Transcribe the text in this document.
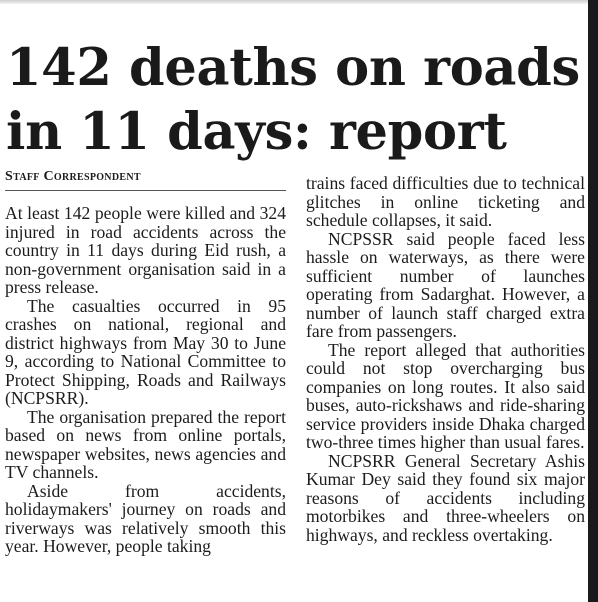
142 deaths on roads in 11 days: report
Staff Correspondent

At least 142 people were killed and 324 injured in road accidents across the country in 11 days during Eid rush, a non-government organisation said in a press release.

The casualties occurred in 95 crashes on national, regional and district highways from May 30 to June 9, according to National Committee to Protect Shipping, Roads and Railways (NCPSRR).

The organisation prepared the report based on news from online portals, newspaper websites, news agencies and TV channels.

Aside from accidents, holidaymakers' journey on roads and riverways was relatively smooth this year. However, people taking

trains faced difficulties due to technical glitches in online ticketing and schedule collapses, it said.

NCPSSR said people faced less hassle on waterways, as there were sufficient number of launches operating from Sadarghat. However, a number of launch staff charged extra fare from passengers.

The report alleged that authorities could not stop overcharging bus companies on long routes. It also said buses, auto-rickshaws and ride-sharing service providers inside Dhaka charged two-three times higher than usual fares.

NCPSRR General Secretary Ashis Kumar Dey said they found six major reasons of accidents including motorbikes and three-wheelers on highways, and reckless overtaking.
